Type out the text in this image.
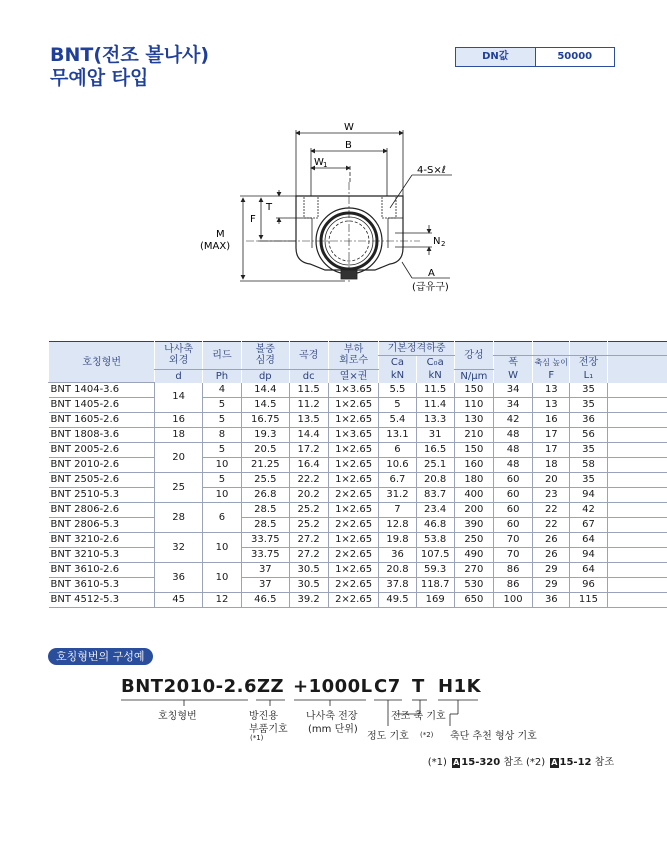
BNT(전조 볼나사)
무예압 타입
DN값	50000
W
B
W 1	4-S×ℓ
T
F
M
(MAX)	N 2
A
(급유구)
호칭형번	나사축
외경	리드	볼중
심경	곡경	부하
회로수	기본정격하중		강성				
						Ca	C₀a		폭	축심 높이	전장	
	d	Ph	dp	dc	열×권	kN	kN	N/μm	W	F	L₁	
BNT 1404-3.6	14	4	14.4	11.5	1×3.65	5.5	11.5	150	34	13	35	
BNT 1405-2.6		5	14.5	11.2	1×2.65	5	11.4	110	34	13	35	
BNT 1605-2.6	16	5	16.75	13.5	1×2.65	5.4	13.3	130	42	16	36	
BNT 1808-3.6	18	8	19.3	14.4	1×3.65	13.1	31	210	48	17	56	
BNT 2005-2.6	20	5	20.5	17.2	1×2.65	6	16.5	150	48	17	35	
BNT 2010-2.6		10	21.25	16.4	1×2.65	10.6	25.1	160	48	18	58	
BNT 2505-2.6	25	5	25.5	22.2	1×2.65	6.7	20.8	180	60	20	35	
BNT 2510-5.3		10	26.8	20.2	2×2.65	31.2	83.7	400	60	23	94	
BNT 2806-2.6	28	6	28.5	25.2	1×2.65	7	23.4	200	60	22	42	
BNT 2806-5.3			28.5	25.2	2×2.65	12.8	46.8	390	60	22	67	
BNT 3210-2.6	32	10	33.75	27.2	1×2.65	19.8	53.8	250	70	26	64	
BNT 3210-5.3			33.75	27.2	2×2.65	36	107.5	490	70	26	94	
BNT 3610-2.6	36	10	37	30.5	1×2.65	20.8	59.3	270	86	29	64	
BNT 3610-5.3			37	30.5	2×2.65	37.8	118.7	530	86	29	96	
BNT 4512-5.3	45	12	46.5	39.2	2×2.65	49.5	169	650	100	36	115	
호칭형번의 구성예
BNT2010-2.6 ZZ +1000L C7 T H1K
호칭형번	방진용
부품기호
(*1)
나사축 전장
(mm 단위)
전조 축 기호
정도 기호 (*2) 축단 추천 형상 기호
(*1) A 15-320 참조 (*2) A 15-12 참조
